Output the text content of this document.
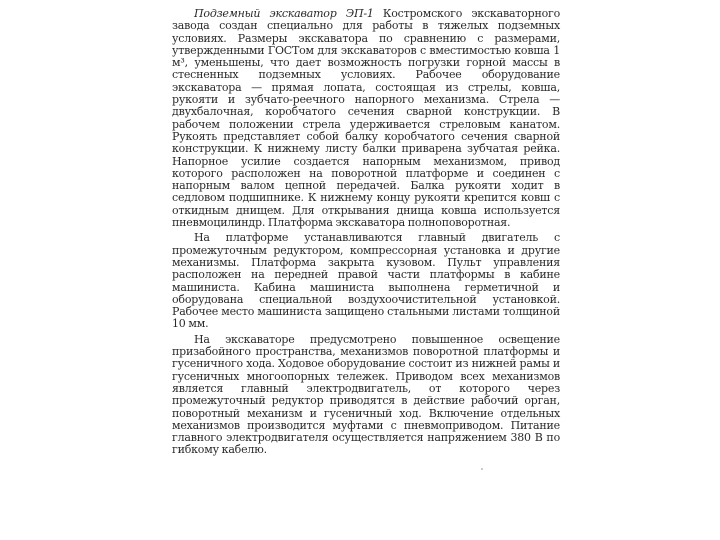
Подземный экскаватор ЭП-1 Костромского экскаваторного завода создан специально для работы в тяжелых подземных условиях. Размеры экскаватора по сравнению с размерами, утвержденными ГОСТом для экскаваторов с вместимостью ковша 1 м³, уменьшены, что дает возможность погрузки горной массы в стесненных подземных условиях. Рабочее оборудование экскаватора — прямая лопата, состоящая из стрелы, ковша, рукояти и зубчато-реечного напорного механизма. Стрела — двухбалочная, коробчатого сечения сварной конструкции. В рабочем положении стрела удерживается стреловым канатом. Рукоять представляет собой балку коробчатого сечения сварной конструкции. К нижнему листу балки приварена зубчатая рейка. Напорное усилие создается напорным механизмом, привод которого расположен на поворотной платформе и соединен с напорным валом цепной передачей. Балка рукояти ходит в седловом подшипнике. К нижнему концу рукояти крепится ковш с откидным днищем. Для открывания днища ковша используется пневмоцилиндр. Платформа экскаватора полноповоротная.

На платформе устанавливаются главный двигатель с промежуточным редуктором, компрессорная установка и другие механизмы. Платформа закрыта кузовом. Пульт управления расположен на передней правой части платформы в кабине машиниста. Кабина машиниста выполнена герметичной и оборудована специальной воздухоочистительной установкой. Рабочее место машиниста защищено стальными листами толщиной 10 мм.

На экскаваторе предусмотрено повышенное освещение призабойного пространства, механизмов поворотной платформы и гусеничного хода. Ходовое оборудование состоит из нижней рамы и гусеничных многоопорных тележек. Приводом всех механизмов является главный электродвигатель, от которого через промежуточный редуктор приводятся в действие рабочий орган, поворотный механизм и гусеничный ход. Включение отдельных механизмов производится муфтами с пневмоприводом. Питание главного электродвигателя осуществляется напряжением 380 В по гибкому кабелю.
